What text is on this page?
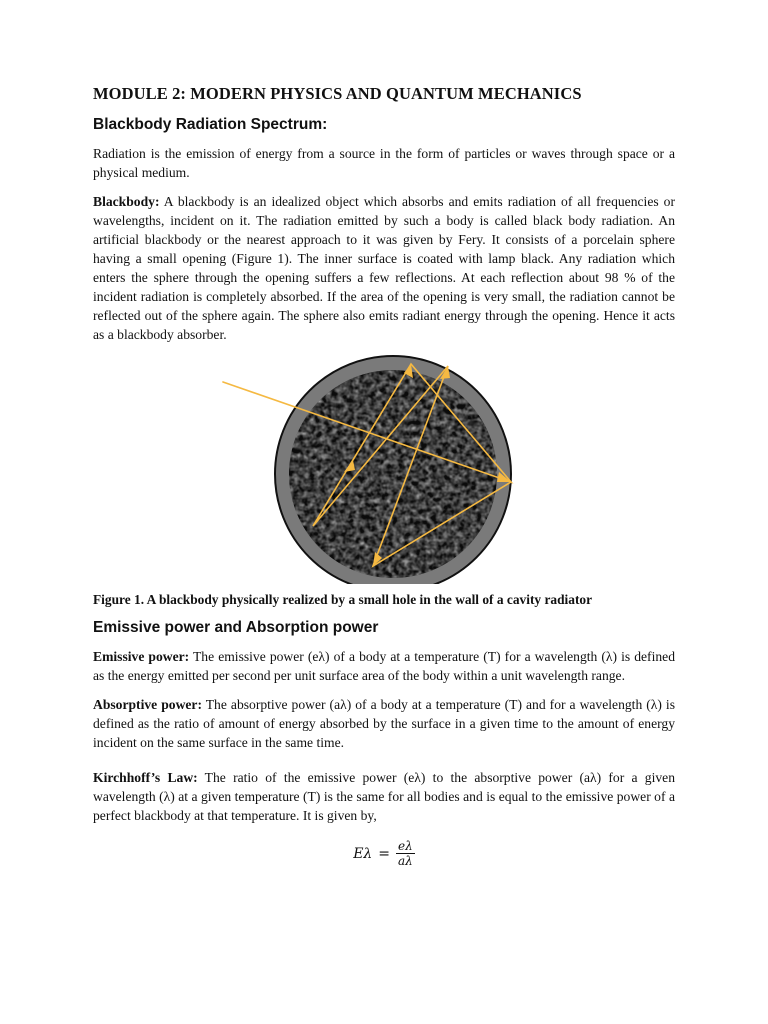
MODULE 2: MODERN PHYSICS AND QUANTUM MECHANICS
Blackbody Radiation Spectrum:

Radiation is the emission of energy from a source in the form of particles or waves through space or a physical medium.

Blackbody: A blackbody is an idealized object which absorbs and emits radiation of all frequencies or wavelengths, incident on it. The radiation emitted by such a body is called black body radiation. An artificial blackbody or the nearest approach to it was given by Fery. It consists of a porcelain sphere having a small opening (Figure 1). The inner surface is coated with lamp black. Any radiation which enters the sphere through the opening suffers a few reflections. At each reflection about 98 % of the incident radiation is completely absorbed. If the area of the opening is very small, the radiation cannot be reflected out of the sphere again. The sphere also emits radiant energy through the opening. Hence it acts as a blackbody absorber.

Figure 1. A blackbody physically realized by a small hole in the wall of a cavity radiator

Emissive power and Absorption power

Emissive power: The emissive power (eλ) of a body at a temperature (T) for a wavelength (λ) is defined as the energy emitted per second per unit surface area of the body within a unit wavelength range.

Absorptive power: The absorptive power (aλ) of a body at a temperature (T) and for a wavelength (λ) is defined as the ratio of amount of energy absorbed by the surface in a given time to the amount of energy incident on the same surface in the same time.

Kirchhoff’s Law: The ratio of the emissive power (eλ) to the absorptive power (aλ) for a given wavelength (λ) at a given temperature (T) is the same for all bodies and is equal to the emissive power of a perfect blackbody at that temperature. It is given by,

$E\lambda = \frac{e\lambda}{a\lambda}$
